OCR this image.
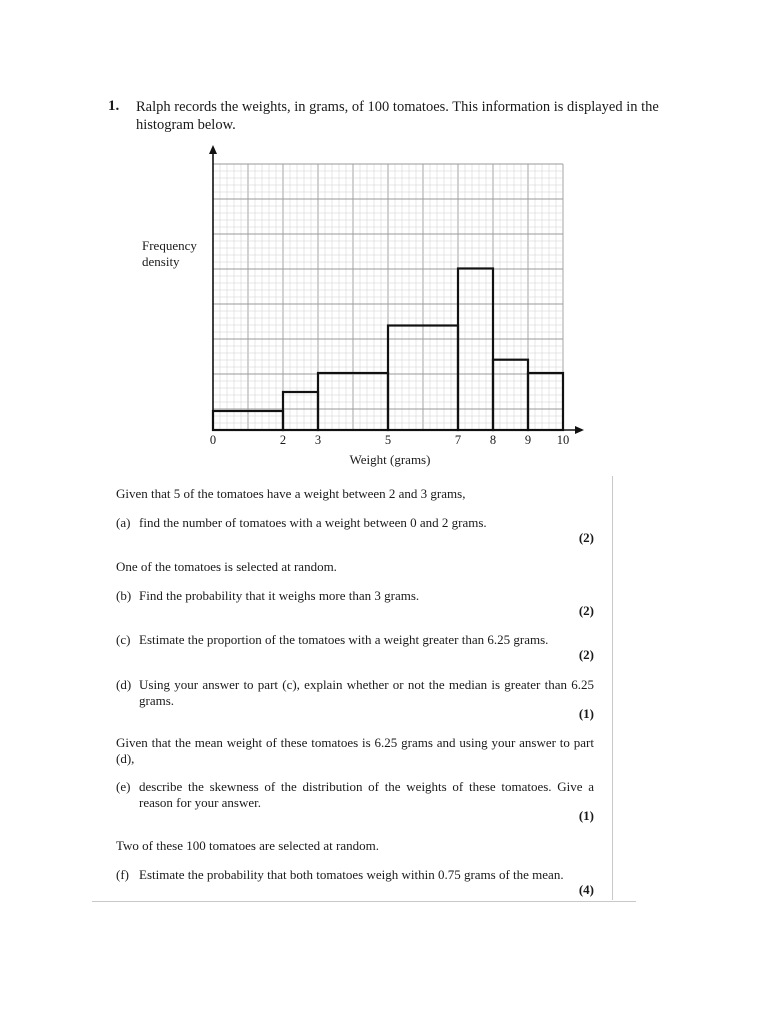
1. Ralph records the weights, in grams, of 100 tomatoes. This information is displayed in the histogram below.
0	2 3	5	7 8 9 10
Frequency density
Weight (grams)
Given that 5 of the tomatoes have a weight between 2 and 3 grams,
(a) find the number of tomatoes with a weight between 0 and 2 grams.
(2)
One of the tomatoes is selected at random.
(b) Find the probability that it weighs more than 3 grams.
(2)
(c) Estimate the proportion of the tomatoes with a weight greater than 6.25 grams.
(2)
(d) Using your answer to part (c), explain whether or not the median is greater than 6.25 grams.
(1)
Given that the mean weight of these tomatoes is 6.25 grams and using your answer to part (d),
(e) describe the skewness of the distribution of the weights of these tomatoes. Give a reason for your answer.
(1)
Two of these 100 tomatoes are selected at random.
(f) Estimate the probability that both tomatoes weigh within 0.75 grams of the mean.
(4)
